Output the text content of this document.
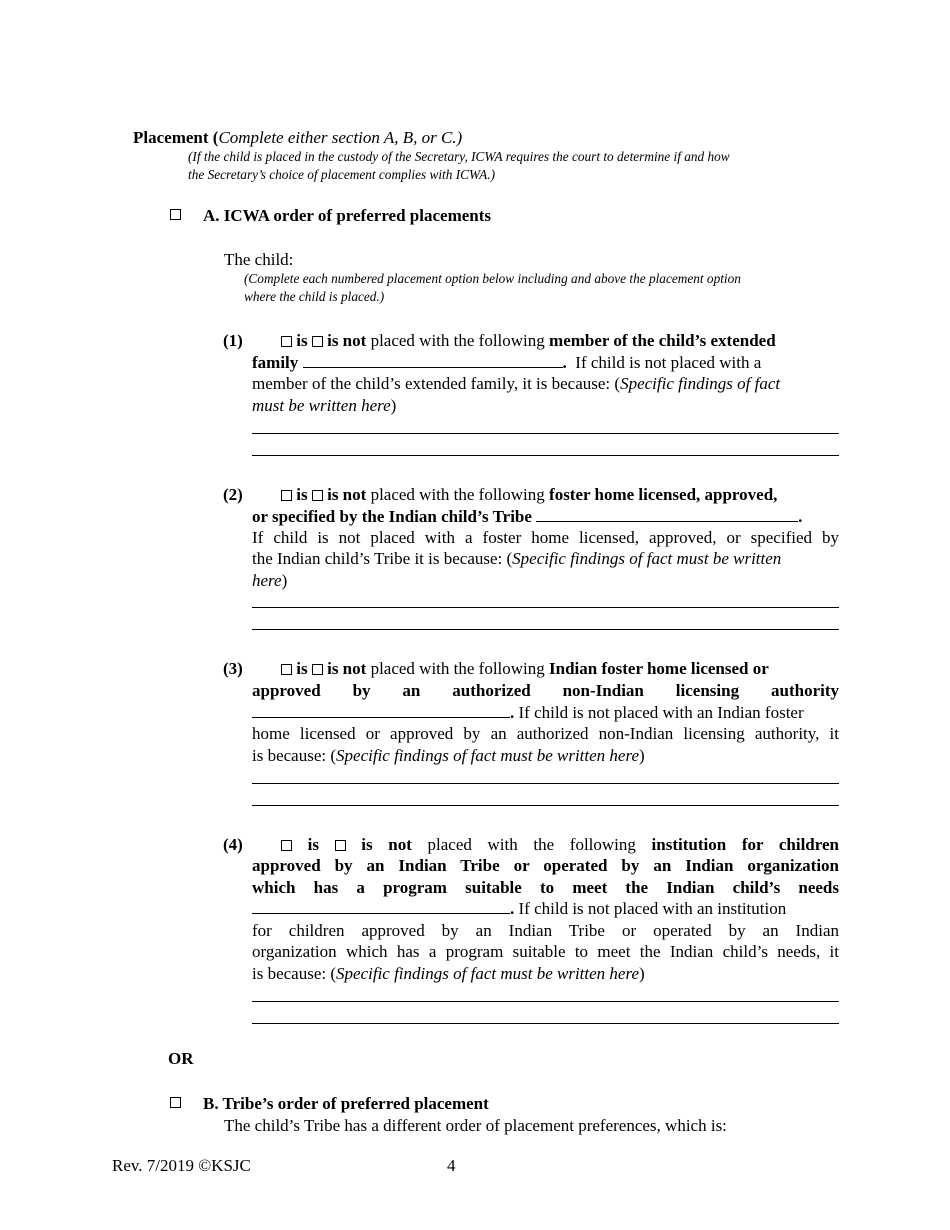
Placement (Complete either section A, B, or C.)
(If the child is placed in the custody of the Secretary, ICWA requires the court to determine if and how
the Secretary’s choice of placement complies with ICWA.)
A. ICWA order of preferred placements
The child:
(Complete each numbered placement option below including and above the placement option
where the child is placed.)
(1)	is is not placed with the following member of the child’s extended
family	. If child is not placed with a
member of the child’s extended family, it is because: (Specific findings of fact
must be written here)
(2)	is is not placed with the following foster home licensed, approved,
or specified by the Indian child’s Tribe	.
If child is not placed with a foster home licensed, approved, or specified by
the Indian child’s Tribe it is because: (Specific findings of fact must be written
here)
(3)	is is not placed with the following Indian foster home licensed or
approved by an authorized non-Indian licensing authority
. If child is not placed with an Indian foster
home licensed or approved by an authorized non-Indian licensing authority, it
is because: (Specific findings of fact must be written here)
(4)	is is not placed with the following institution for children
approved by an Indian Tribe or operated by an Indian organization
which has a program suitable to meet the Indian child’s needs
. If child is not placed with an institution
for children approved by an Indian Tribe or operated by an Indian
organization which has a program suitable to meet the Indian child’s needs, it
is because: (Specific findings of fact must be written here)
OR
B. Tribe’s order of preferred placement
The child’s Tribe has a different order of placement preferences, which is:
Rev. 7/2019 ©KSJC	4
